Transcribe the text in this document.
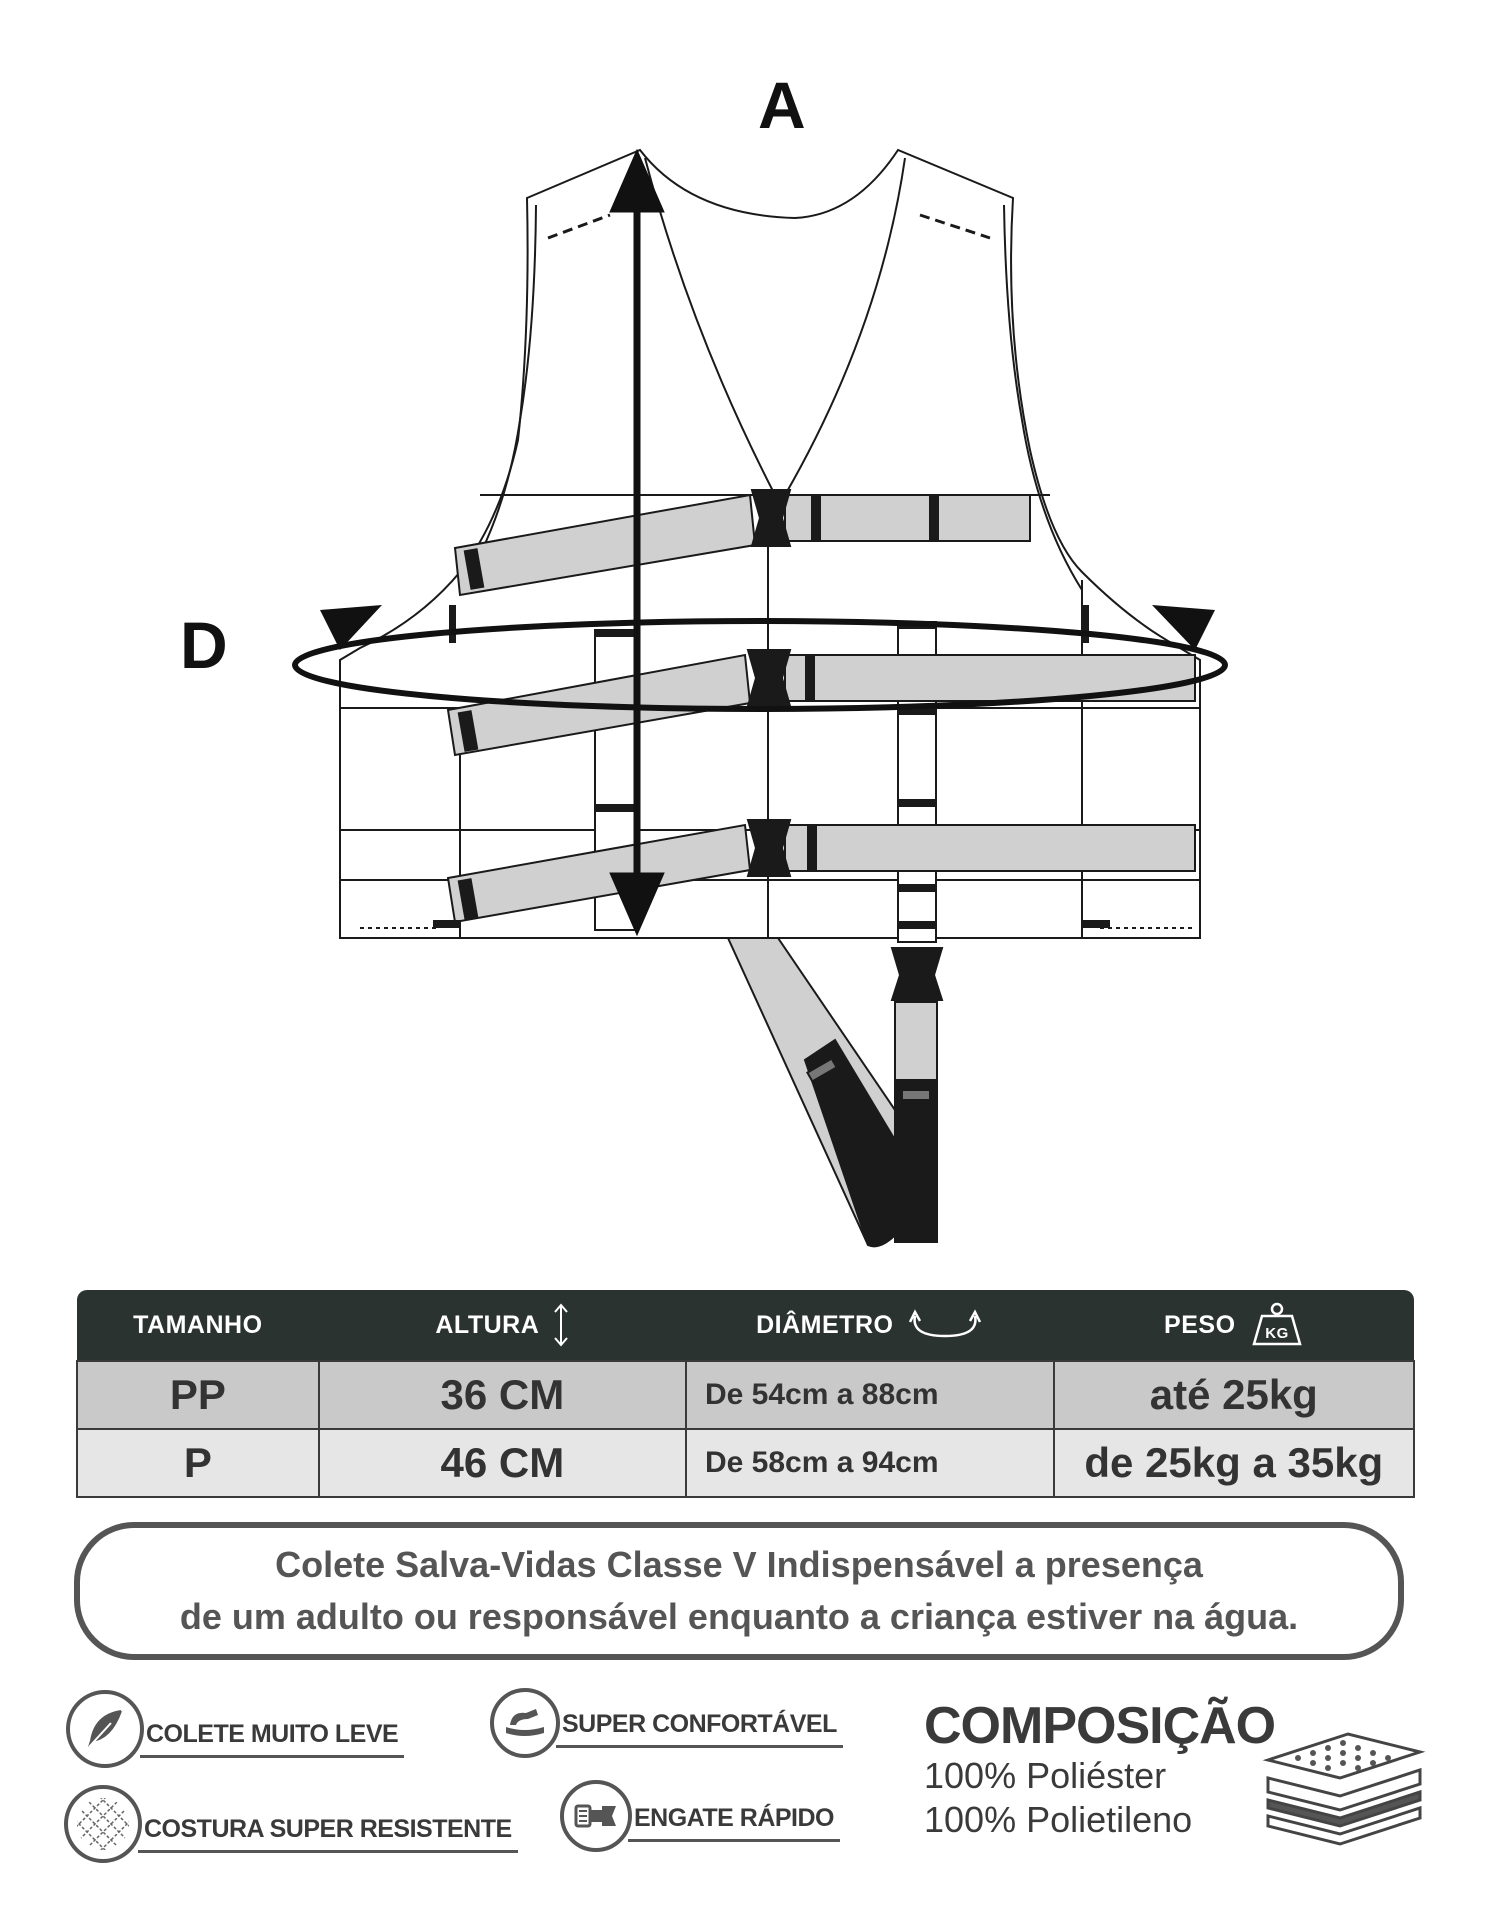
A
D
TAMANHO	ALTURA	DIÂMETRO	PESO KG

PP	36 CM	De 54cm a 88cm	até 25kg
P	46 CM	De 58cm a 94cm	de 25kg a 35kg
Colete Salva-Vidas Classe V Indispensável a presença
de um adulto ou responsável enquanto a criança estiver na água.
COLETE MUITO LEVE	SUPER CONFORTÁVEL
COSTURA SUPER RESISTENTE	ENGATE RÁPIDO
COMPOSIÇÃO
100% Poliéster
100% Polietileno
